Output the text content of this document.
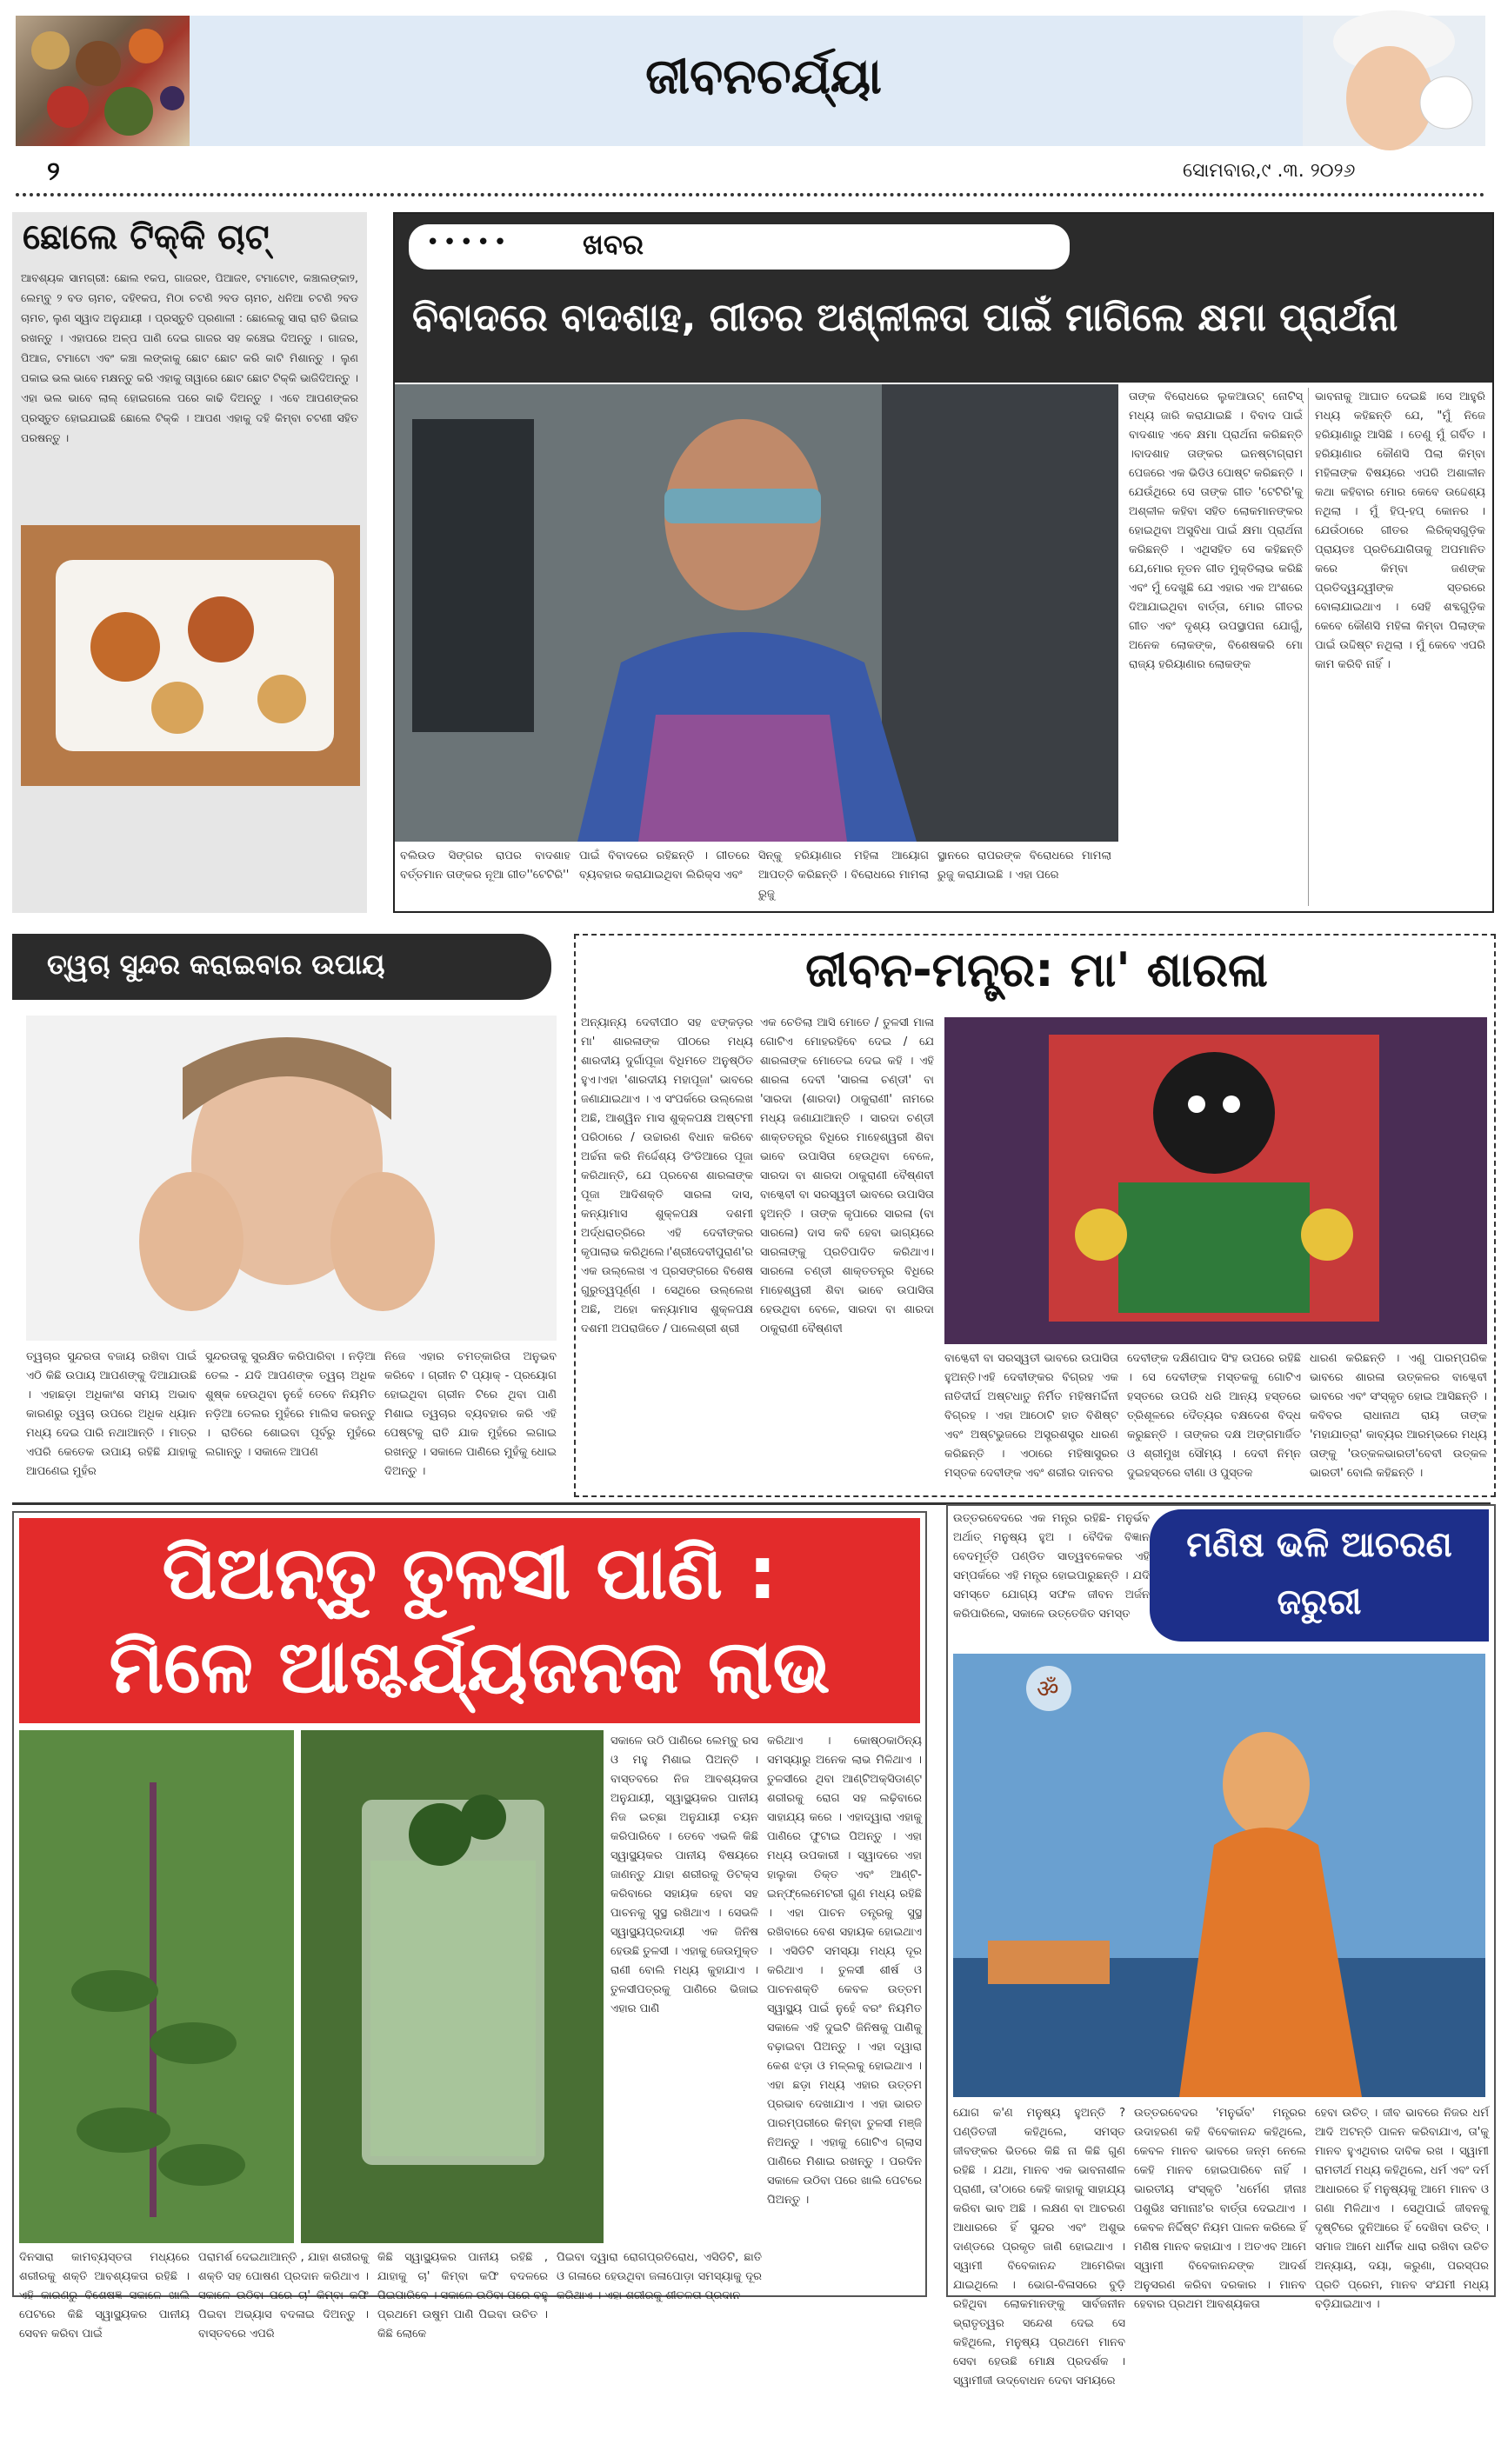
ଜୀବନଚର୍ଯ୍ୟା
୨	ସୋମବାର,୯ .୩. ୨୦୨୬
ଛୋଲେ ଟିକ୍କି ଚାଟ୍
ଆବଶ୍ୟକ ସାମଗ୍ରୀ: ଛୋଲ ୧କପ, ଗାଜର୧, ପିଆଜ୧, ଟମାଟୋ୧, କଞ୍ଚାଲଙ୍କା୨, ଲେମ୍ବୁ ୨ ବଡ ଚାମଚ, ଦହି୧କପ, ମିଠା ଚଟଣି ୨ବଡ ଚାମଚ, ଧନିଆ ଚଟଣି ୨ବଡ ଚାମଚ, ଲୁଣ ସ୍ୱାଦ ଅନୁଯାୟୀ । ପ୍ରସ୍ତୁତି ପ୍ରଣାଳୀ : ଛୋଲେକୁ ସାରା ରାତି ଭିଜାଇ ରଖନ୍ତୁ । ଏହାପରେ ଅଳ୍ପ ପାଣି ଦେଇ ଗାଜର ସହ କଞ୍ଚେଇ ଦିଅନ୍ତୁ । ଗାଜର, ପିଆଜ, ଟମାଟୋ ଏବଂ କଞ୍ଚା ଲଙ୍କାକୁ ଛୋଟ ଛୋଟ କରି କାଟି ମିଶାନ୍ତୁ । ଲୁଣ ପକାଇ ଭଲ ଭାବେ ମକ୍ଷନ୍ତୁ କରି ଏହାକୁ ତାୱାରେ ଛୋଟ ଛୋଟ ଟିକ୍କି ଭାଜିଦିଅନ୍ତୁ । ଏହା ଭଲ ଭାବେ ଲାଲ୍ ହୋଇଗଲେ ପରେ କାଢି ଦିଅନ୍ତୁ । ଏବେ ଆପଣଙ୍କର ପ୍ରସ୍ତୁତ ହୋଇଯାଇଛି ଛୋଲେ ଟିକ୍କି । ଆପଣ ଏହାକୁ ଦହି କିମ୍ବା ଚଟଣୀ ସହିତ ପରଷନ୍ତୁ ।
•••••	ଖବର
ବିବାଦରେ ବାଦଶାହ, ଗୀତର ଅଶ୍ଳୀଳତା ପାଇଁ ମାଗିଲେ କ୍ଷମା ପ୍ରାର୍ଥନା
ତାଙ୍କ ବିରୋଧରେ ଲୁକଆଉଟ୍ ନୋଟିସ୍ ମଧ୍ୟ ଜାରି କରାଯାଇଛି । ବିବାଦ ପାଇଁ ବାଦଶାହ ଏବେ କ୍ଷମା ପ୍ରାର୍ଥନା କରିଛନ୍ତି ।ବାଦଶାହ ତାଙ୍କର ଇନଷ୍ଟାଗ୍ରାମ ପେଜରେ ଏକ ଭିଡିଓ ପୋଷ୍ଟ କରିଛନ୍ତି । ଯେଉଁଥିରେ ସେ ତାଙ୍କ ଗୀତ 'ଟେଟିରି'କୁ ଅଶ୍ଳୀଳ କହିବା ସହିତ ଲୋକମାନଙ୍କର ହୋଇଥିବା ଅସୁବିଧା ପାଇଁ କ୍ଷମା ପ୍ରାର୍ଥନା କରିଛନ୍ତି । ଏଥିସହିତ ସେ କହିଛନ୍ତି ଯେ,ମୋର ନୂତନ ଗୀତ ମୁକ୍ତିଲାଭ କରିଛି ଏବଂ ମୁଁ ଦେଖୁଛି ଯେ ଏହାର ଏକ ଅଂଶରେ ଦିଆଯାଇଥିବା ବାର୍ତ୍ତା, ମୋର ଗୀତର ଗୀତ ଏବଂ ଦୃଶ୍ୟ ଉପସ୍ଥାପନା ଯୋଗୁଁ, ଅନେକ ଲୋକଙ୍କ, ବିଶେଷକରି ମୋ ରାଜ୍ୟ ହରିୟାଣାର ଲୋକଙ୍କ
ଭାବନାକୁ ଆଘାତ ଦେଇଛି ।ସେ ଆହୁରି ମଧ୍ୟ କହିଛନ୍ତି ଯେ, "ମୁଁ ନିଜେ ହରିୟାଣାରୁ ଆସିଛି । ତେଣୁ ମୁଁ ଗର୍ବିତ । ହରିୟାଣାର କୌଣସି ପିଲା କିମ୍ବା ମହିଳାଙ୍କ ବିଷୟରେ ଏପରି ଅଶାଳୀନ କଥା କହିବାର ମୋର କେବେ ଉଦ୍ଦେଶ୍ୟ ନଥିଲା । ମୁଁ ହିପ୍-ହପ୍ କୋନର । ଯେଉଁଠାରେ ଗୀତର ଲିରିକ୍ସଗୁଡ଼ିକ ପ୍ରାୟତଃ ପ୍ରତିଯୋଗିତାକୁ ଅପମାନିତ କରେ କିମ୍ବା ଜଣଙ୍କ ପ୍ରତିଦ୍ୱନ୍ଦ୍ୱୀଙ୍କ ସ୍ତରରେ ବୋଲାଯାଇଥାଏ । ସେହି ଶବ୍ଦଗୁଡ଼ିକ କେବେ କୌଣସି ମହିଳା କିମ୍ବା ପିଲାଙ୍କ ପାଇଁ ଉଦ୍ଦିଷ୍ଟ ନଥିଲା । ମୁଁ କେବେ ଏପରି କାମ କରିବି ନାହିଁ ।
ବଲିଉଡ ସିଙ୍ଗର ରାପର ବାଦଶାହ ବର୍ତ୍ତମାନ ତାଙ୍କର ନୂଆ ଗୀତ''ଟେଟିରି''
ପାଇଁ ବିବାଦରେ ରହିଛନ୍ତି । ଗୀତରେ ବ୍ୟବହାର କରାଯାଇଥିବା ଲିରିକ୍ସ ଏବଂ
ସିନ୍କୁ ହରିୟାଣାର ମହିଳା ଆୟୋଗ ଆପତ୍ତି କରିଛନ୍ତି । ବିରୋଧରେ ମାମଲା ରୁଜୁ
ସ୍ଥାନରେ ରାପରଙ୍କ ବିରୋଧରେ ମାମଲା ରୁଜୁ କରାଯାଇଛି । ଏହା ପରେ
ତ୍ୱଚା ସୁନ୍ଦର କରାଇବାର ଉପାୟ
ତ୍ୱଚାର ସୁନ୍ଦରତା ବଜାୟ ରଖିବା ପାଇଁ ଏଠି କିଛି ଉପାୟ ଆପଣଙ୍କୁ ଦିଆଯାଉଛି । ଏହାଛଡ଼ା ଅଧିକାଂଶ ସମୟ ଅଭାବ କାରଣରୁ ତ୍ୱଚା ଉପରେ ଅଧିକ ଧ୍ୟାନ ମଧ୍ୟ ଦେଇ ପାରି ନଥାଆନ୍ତି । ମାତ୍ର ଏପରି କେତେକ ଉପାୟ ରହିଛି ଯାହାକୁ ଆପଣେଇ ମୁହଁର
ସୁନ୍ଦରତାକୁ ସୁରକ୍ଷିତ କରିପାରିବା । ନଡ଼ିଆ ତେଲ - ଯଦି ଆପଣଙ୍କ ତ୍ୱଚା ଅଧିକ ଶୁଷ୍କ ହେଉଥିବା ନୁହେଁ ତେବେ ନିୟମିତ ନଡ଼ିଆ ତେଲର ମୁହଁରେ ମାଲିସ କରନ୍ତୁ । ରାତିରେ ଶୋଇବା ପୂର୍ବରୁ ମୁହଁରେ ଲଗାନ୍ତୁ । ସକାଳେ ଆପଣ
ନିଜେ ଏହାର ଚମତ୍କାରିତା ଅନୁଭବ କରିବେ । ଗ୍ରୀନ ଟି ପ୍ୟାକ୍ - ପ୍ରୟୋଗ ହୋଇଥିବା ଗ୍ରୀନ ଟିରେ ଥିବା ପାଣି ମିଶାଇ ତ୍ୱଚାର ବ୍ୟବହାର କରି ଏହି ପେଷ୍ଟକୁ ରାତି ଯାକ ମୁହଁରେ ଲଗାଇ ରଖନ୍ତୁ । ସକାଳେ ପାଣିରେ ମୁହଁକୁ ଧୋଇ ଦିଅନ୍ତୁ ।
ଜୀବନ-ମନ୍ତ୍ର: ମା' ଶାରଳା
ଅନ୍ୟାନ୍ୟ ଦେବୀପୀଠ ସହ ଝଙ୍କଡ଼ର ମା' ଶାରଳାଙ୍କ ପୀଠରେ ମଧ୍ୟ ଶାରଦୀୟ ଦୁର୍ଗାପୂଜା ବିଧିମତେ ଅନୁଷ୍ଠିତ ହୁଏ।ଏହା 'ଶାରଦୀୟ ମହାପୂଜା' ଭାବରେ ଜଣାଯାଇଥାଏ । ଏ ସଂପର୍କରେ ଉଲ୍ଲେଖ ଅଛି, ଆଶ୍ୱିନ ମାସ ଶୁକ୍ଳପକ୍ଷ ଅଷ୍ଟମୀ ପରିଠାରେ / ଉଚ୍ଚାରଣ ବିଧାନ କରିବେ ଅର୍ଚ୍ଚନା କରି ନିର୍ଦ୍ଦେଶ୍ୟ ଡିଂଡିଆରେ ପୂଜା କରିଥାନ୍ତି, ଯେ ପ୍ରବେଶ ଶାରଳାଙ୍କ ପୂଜା ଆଦିଶକ୍ତି ସାରଳା ଦାସ, କନ୍ୟାମାସ ଶୁକ୍ଳପକ୍ଷ ଦଶମୀ ଅର୍ଦ୍ଧରାତ୍ରିରେ ଏହି ଦେବୀଙ୍କର କୃପାଲାଭ କରିଥିଲେ।'ଶ୍ରୀଦେବୀପୁରାଣ'ର ଏକ ଉଲ୍ଲେଖ ଏ ପ୍ରସଙ୍ଗରେ ବିଶେଷ ଗୁରୁତ୍ୱପୂର୍ଣ୍ଣ । ସେଥିରେ ଉଲ୍ଲେଖ ଅଛି, ଅହୋ କନ୍ୟାମାସ ଶୁକ୍ଳପକ୍ଷ ଦଶମୀ ଅପରାଜିତେ / ପାଲେଶ୍ରୀ ଶ୍ରୀ
ଏକ ଚେତିଲା ଆସି ମୋତେ / ତୁଳସୀ ମାଳା ଗୋଟିଏ ମୋହରହିବେ ଦେଇ / ଯେ ଶାରଳାଙ୍କ ମୋତେଇ ଦେଇ କହି । ଏହି ଶାରଳା ଦେବୀ 'ସାରଳା ଚଣ୍ଡୀ' ବା 'ସାରଦା (ଶାରଦା) ଠାକୁରାଣୀ' ନାମରେ ମଧ୍ୟ ଜଣାଯାଆନ୍ତି । ସାରଦା ଚଣ୍ଡୀ ଶାକ୍ତତନ୍ତ୍ର ବିଧିରେ ମାହେଶ୍ୱରୀ ଶିବା ଭାବେ ଉପାସିତା ହେଉଥିବା ବେଳେ, ସାରଦା ବା ଶାରଦା ଠାକୁରାଣୀ ବୈଷ୍ଣବୀ ବାଗ୍ଦେବୀ ବା ସରସ୍ୱତୀ ଭାବରେ ଉପାସିତା ହୁଅନ୍ତି । ତାଙ୍କ କୃପାରେ ସାରଳା (ବା ସାରଳୋ) ଦାସ କବି ହେବା ଭାଗ୍ୟରେ ସାରଳାଙ୍କୁ ପ୍ରତିପାଦିତ କରିଥାଏ।ସାରଳୋ ଚଣ୍ଡୀ ଶାକ୍ତତନ୍ତ୍ର ବିଧିରେ ମାହେଶ୍ୱରୀ ଶିବା ଭାବେ ଉପାସିତା ହେଉଥିବା ବେଳେ, ସାରଦା ବା ଶାରଦା ଠାକୁରାଣୀ ବୈଷ୍ଣବୀ
ବାଗ୍ଦେବୀ ବା ସରସ୍ୱତୀ ଭାବରେ ଉପାସିତା ହୁଅନ୍ତି।ଏହି ଦେବୀଙ୍କର ବିଗ୍ରହ ଏକ ନାତିଦୀର୍ଘ ଅଷ୍ଟଧାତୁ ନିର୍ମିତ ମହିଷମର୍ଦ୍ଦିନୀ ବିଗ୍ରହ । ଏହା ଆଠୋଟି ହାତ ବିଶିଷ୍ଟ ଏବଂ ଅଷ୍ଟଭୁଜରେ ଅସ୍ତ୍ରଶସ୍ତ୍ର ଧାରଣ କରିଛନ୍ତି । ଏଠାରେ ମହିଷାସୁରର ମସ୍ତକ ଦେବୀଙ୍କ ଏବଂ ଶରୀର ଦାନବର
ଦେବୀଙ୍କ ଦକ୍ଷିଣପାଦ ସିଂହ ଉପରେ ରହିଛି । ସେ ଦେବୀଙ୍କ ମସ୍ତକକୁ ଗୋଟିଏ ହସ୍ତରେ ଉପରି ଧରି ଆନ୍ୟ ହସ୍ତରେ ତ୍ରିଶୂଳରେ ଦୈତ୍ୟର ବକ୍ଷଦେଶ ବିଦ୍ଧ କରୁଛନ୍ତି । ତାଙ୍କର ଦକ୍ଷ ଅଙ୍ଗମାର୍ଜିତ ଓ ଶ୍ରୀମୁଖ ସୌମ୍ୟ । ଦେବୀ ନିମ୍ନ ଦୁଇହସ୍ତରେ ବୀଣା ଓ ପୁସ୍ତକ
ଧାରଣ କରିଛନ୍ତି । ଏଣୁ ପାରମ୍ପରିକ ଭାବରେ ଶାରଳା ଉତ୍କଳର ବାଗ୍ଦେବୀ ଭାବରେ ଏବଂ ସଂସ୍କୃତ ହୋଇ ଆସିଛନ୍ତି । କବିବର ରାଧାନାଥ ରାୟ ତାଙ୍କ 'ମହାଯାତ୍ରା' କାବ୍ୟର ଆରମ୍ଭରେ ମଧ୍ୟ ତାଙ୍କୁ 'ଉତ୍କଳଭାରତୀ'ବେବୀ ଉତ୍କଳ ଭାରତୀ' ବୋଲି କହିଛନ୍ତି ।
ପିଅନ୍ତୁ ତୁଳସୀ ପାଣି :
ମିଳେ ଆଶ୍ଚର୍ଯ୍ୟଜନକ ଲାଭ
ସକାଳେ ଉଠି ପାଣିରେ ଲେମ୍ବୁ ରସ ଓ ମହୁ ମିଶାଇ ପିଅନ୍ତି । ବାସ୍ତବରେ ନିଜ ଆବଶ୍ୟକତା ଅନୁଯାୟୀ, ସ୍ୱାସ୍ଥ୍ୟକର ପାନୀୟ ନିଜ ଇଚ୍ଛା ଅନୁଯାୟୀ ଚୟନ କରିପାରିବେ । ତେବେ ଏଭଳି କିଛି ସ୍ୱାସ୍ଥ୍ୟକର ପାନୀୟ ବିଷୟରେ ଜାଣନ୍ତୁ ଯାହା ଶରୀରକୁ ଡିଟକ୍ସ କରିବାରେ ସହାୟକ ହେବା ସହ ପାଚନକୁ ସୁସ୍ଥ ରଖିଥାଏ । ସେଭଳି ସ୍ୱାସ୍ଥ୍ୟପ୍ରଦାୟୀ ଏକ ଜିନିଷ ହେଉଛି ତୁଳସୀ । ଏହାକୁ ଜେଉମୁକ୍ତ ରାଣୀ ବୋଲି ମଧ୍ୟ କୁହାଯାଏ । ତୁଳସୀପତ୍ରକୁ ପାଣିରେ ଭିଜାଇ ଏହାର ପାଣି
କରିଥାଏ । କୋଷ୍ଠକାଠିନ୍ୟ ସମସ୍ୟାରୁ ଅନେକ ଲାଭ ମିଳିଥାଏ । ତୁଳସୀରେ ଥିବା ଆଣ୍ଟିଅକ୍ସିଡାଣ୍ଟ ଶରୀରକୁ ରୋଗ ସହ ଲଢ଼ିବାରେ ସାହାଯ୍ୟ କରେ । ଏହାଦ୍ୱାରା ଏହାକୁ ପାଣିରେ ଫୁଟାଇ ପିଅନ୍ତୁ । ଏହା ମଧ୍ୟ ଉପକାରୀ । ସ୍ୱାଦରେ ଏହା ହାଲୁକା ତିକ୍ତ ଏବଂ ଆଣ୍ଟି-ଇନ୍‌ଫ୍ଲେମେଟରୀ ଗୁଣ ମଧ୍ୟ ରହିଛି । ଏହା ପାଚନ ତନ୍ତ୍ରକୁ ସୁସ୍ଥ ରଖିବାରେ ବେଶ ସହାୟକ ହୋଇଥାଏ । ଏସିଡିଟି ସମସ୍ୟା ମଧ୍ୟ ଦୂର କରିଥାଏ । ତୁଳସୀ ଶୀର୍ଷ ଓ ପାଚନଶକ୍ତି କେବଳ ଉତ୍ତମ ସ୍ୱାସ୍ଥ୍ୟ ପାଇଁ ନୁହେଁ ବରଂ ନିୟମିତ ସକାଳେ ଏହି ଦୁଇଟି ଜିନିଷକୁ ପାଣିକୁ ବଢ଼ାଇବା ପିଅନ୍ତୁ । ଏହା ଦ୍ୱାରା କେଶ ଝଡ଼ା ଓ ମଳ୍ଲକୁ ହୋଇଥାଏ । ଏହା ଛଡ଼ା ମଧ୍ୟ ଏହାର ଉତ୍ତମ ପ୍ରଭାବ ଦେଖାଯାଏ । ଏହା ଭାରତ ପାରମ୍ପରୀରେ କିମ୍ବା ତୁଳସୀ ମଞ୍ଜି ନିଅନ୍ତୁ । ଏହାକୁ ଗୋଟିଏ ଗ୍ଲାସ ପାଣିରେ ମିଶାଇ ରଖନ୍ତୁ । ପରଦିନ ସକାଳେ ଉଠିବା ପରେ ଖାଲି ପେଟରେ ପିଅନ୍ତୁ ।
ଦିନସାରା କାମବ୍ୟସ୍ତତା ମଧ୍ୟରେ ଶରୀରକୁ ଶକ୍ତି ଆବଶ୍ୟକତା ରହିଛି । ଏହି କାରଣରୁ ବିଶେଷଜ୍ଞ ସକାଳେ ଖାଲି ପେଟରେ କିଛି ସ୍ୱାସ୍ଥ୍ୟକର ପାନୀୟ ସେବନ କରିବା ପାଇଁ
ପରାମର୍ଶ ଦେଇଥାଆନ୍ତି , ଯାହା ଶରୀରକୁ ଶକ୍ତି ସହ ପୋଷଣ ପ୍ରଦାନ କରିଥାଏ । ସକାଳେ ଉଠିବା ପରେ ଚା' କିମ୍ବା କଫି ପିଇବା ଅଭ୍ୟାସ ବଦଳାଇ ଦିଅନ୍ତୁ । ବାସ୍ତବରେ ଏପରି
କିଛି ସ୍ୱାସ୍ଥ୍ୟକର ପାନୀୟ ରହିଛି , ଯାହାକୁ ଚା' କିମ୍ବା କଫି ବଦଳରେ ପିଇପାରିବେ । ସକାଳେ ଉଠିବା ପରେ ବହୁ ପ୍ରଥମେ ଉଷୁମ ପାଣି ପିଇବା ଉଚିତ । କିଛି ଲୋକେ
ପିଇବା ଦ୍ୱାରା ରୋଗପ୍ରତିରୋଧ, ଏସିଡିଟି, ଛାତି ଓ ଗଳାରେ ହେଉଥିବା ଜଳାପୋଡ଼ା ସମସ୍ୟାକୁ ଦୂର କରିଥାଏ । ଏହା ଶରୀରକୁ ଶୀତଳତା ପ୍ରଦାନ
ଉତ୍ତରବେଦରେ ଏକ ମନ୍ତ୍ର ରହିଛି- ମନୁର୍ଭବ ଅର୍ଥାତ୍ ମନୁଷ୍ୟ ହୁଅ । ବୈଦିକ ବିଜ୍ଞାନ ବେଦମୂର୍ତ୍ତି ପଣ୍ଡିତ ସାତ୍ୱବଳେକର ଏହି ସମ୍ପର୍କରେ ଏହି ମନ୍ତ୍ର ହୋଇପାରୁଛନ୍ତି । ଯଦି ସମସ୍ତେ ଯୋଗ୍ୟ ସଫଳ ଜୀବନ ଅର୍ଜନ କରିପାରିଲେ, ସକାଳେ ଉତ୍ତେଜିତ ସମସ୍ତ
ମଣିଷ ଭଳି ଆଚରଣ
ଜରୁରୀ
ॐ
ଯୋଗ କ'ଣ ମନୁଷ୍ୟ ହୁଅନ୍ତି ? ପଣ୍ଡିତଜୀ କହିଥିଲେ, ସମସ୍ତ ଜୀବଙ୍କର ଭିତରେ କିଛି ନା କିଛି ଗୁଣ ରହିଛି । ଯଥା, ମାନବ ଏକ ଭାବନାଶୀଳ ପ୍ରାଣୀ, ତା'ଠାରେ କେହି କାହାକୁ ସାହାଯ୍ୟ କରିବା ଭାବ ଅଛି । ଲକ୍ଷଣ ବା ଆଚରଣ ଆଧାରରେ ହିଁ ସୁନ୍ଦର ଏବଂ ଅଶୁଭ ଦାଣ୍ଡରେ ପ୍ରକୃତ ଜାଣି ହୋଇଥାଏ । ସ୍ୱାମୀ ବିବେକାନନ୍ଦ ଆମେରିକା ଯାଇଥିଲେ । ଭୋଗ-ବିଳାସରେ ବୁଡ଼ି ରହିଥିବା ଲୋକମାନଙ୍କୁ ସାର୍ବଜନୀନ ଭ୍ରାତୃତ୍ୱର ସନ୍ଦେଶ ଦେଇ ସେ କହିଥିଲେ, ମନୁଷ୍ୟ ପ୍ରଥମେ ମାନବ ସେବା ହେଉଛି ମୋକ୍ଷ ପ୍ରଦର୍ଶକ ।ସ୍ୱାମୀଜୀ ଉଦ୍‌ବୋଧନ ଦେବା ସମୟରେ
ଉତ୍ତରବେଦର 'ମନୁର୍ଭବ' ମନ୍ତ୍ରର ଉଦାହରଣ କହି ବିବେକାନନ୍ଦ କହିଥିଲେ, କେବଳ ମାନବ ଭାବରେ ଜନ୍ମ ନେଲେ କେହି ମାନବ ହୋଇପାରିବେ ନାହିଁ । ଭାରତୀୟ ସଂସ୍କୃତି 'ଧର୍ମେଣ ହୀନାଃ ପଶୁଭିଃ ସମାନାଃ'ର ବାର୍ତ୍ତା ଦେଇଥାଏ । କେବଳ ନିର୍ଦ୍ଦିଷ୍ଟ ନିୟମ ପାଳନ କରିଲେ ହିଁ ମଣିଷ ମାନବ କହାଯାଏ । ଅତଏବ ଆମେ ସ୍ୱାମୀ ବିବେକାନନ୍ଦଙ୍କ ଆଦର୍ଶ ଅନୁସରଣ କରିବା ଦରକାର । ମାନବ ହେବାର ପ୍ରଥମ ଆବଶ୍ୟକତା
ହେବା ଉଚିତ୍ । ଜୀବ ଭାବରେ ନିଜର ଧର୍ମ ଆଦି ଅଟନ୍ତି ପାଳନ କରିବାଯାଏ, ତା'କୁ ମାନବ ହୁଏଥିବାର ଦାବିକ ରଖ । ସ୍ୱାମୀ ରାମତୀର୍ଥ ମଧ୍ୟ କହିଥିଲେ, ଧର୍ମ ଏବଂ ଦର୍ମ ଆଧାରରେ ହିଁ ମନୁଷ୍ୟକୁ ଆମେ ମାନବ ଓ ଗଣା ମିଳିଥାଏ । ସେଥିପାଇଁ ଜୀବନକୁ ଦୃଷ୍ଟିରେ ଦୁନିଆରେ ହିଁ ଦେଖିବା ଉଚିତ୍ । ସମାଜ ଆମେ ଧାର୍ମିକ ଧାରା ରଖିବା ଉଚିତ ଅନ୍ୟାୟ, ଦୟା, କରୁଣା, ପରସ୍ପର ପ୍ରତି ପ୍ରେମ, ମାନବ ସଂଯମୀ ମଧ୍ୟ ବଡ଼ିଯାଇଥାଏ ।
